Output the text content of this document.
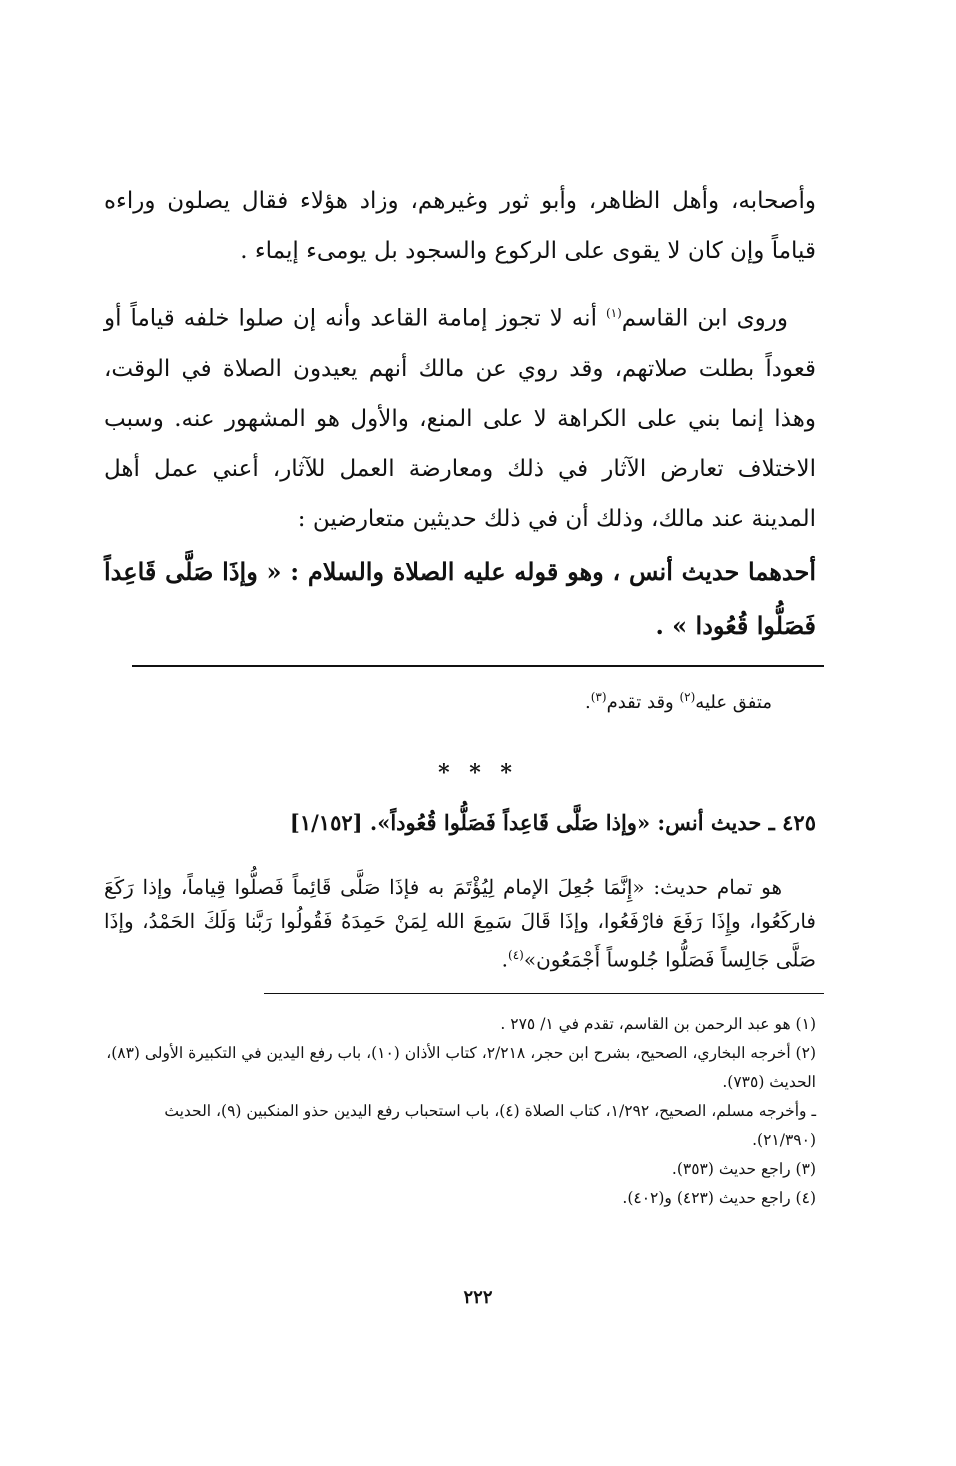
وأصحابه، وأهل الظاهر، وأبو ثور وغيرهم، وزاد هؤلاء فقال يصلون وراءه قياماً وإن كان لا يقوى على الركوع والسجود بل يومىء إيماء .
وروى ابن القاسم$^{(١)}$ أنه لا تجوز إمامة القاعد وأنه إن صلوا خلفه قياماً أو قعوداً بطلت صلاتهم، وقد روي عن مالك أنهم يعيدون الصلاة في الوقت، وهذا إنما بني على الكراهة لا على المنع، والأول هو المشهور عنه. وسبب الاختلاف تعارض الآثار في ذلك ومعارضة العمل للآثار، أعني عمل أهل المدينة عند مالك، وذلك أن في ذلك حديثين متعارضين :
أحدهما حديث أنس ، وهو قوله عليه الصلاة والسلام : « وإذَا صَلَّى قَاعِداً فَصَلُّوا قُعُودا » .
متفق عليه$^{(٢)}$ وقد تقدم$^{(٣)}$.
* * *
٤٢٥ ـ حديث أنس: «وإذا صَلَّى قَاعِداً فَصَلُّوا قُعُوداً». [١/١٥٢]
هو تمام حديث: «إِنَّمَا جُعِلَ الإمام لِيُؤْتَمَ به فإذَا صَلَّى قَائِماً فَصلُّوا قِياماً، وإذا رَكَعَ فاركَعُوا، وإِذَا رَفَعَ فارْفَعُوا، وإذَا قَالَ سَمِعَ الله لِمَنْ حَمِدَهُ فَقُولُوا رَبَّنا وَلَكَ الحَمْدُ، وإذَا صَلَّى جَالِساً فَصَلُّوا جُلوساً أَجْمَعُون»$^{(٤)}$.

(١) هو عبد الرحمن بن القاسم، تقدم في ١/ ٢٧٥ .

(٢) أخرجه البخاري، الصحيح، بشرح ابن حجر، ٢/٢١٨، كتاب الأذان (١٠)، باب رفع اليدين في التكبيرة الأولى (٨٣)، الحديث (٧٣٥).

ـ وأخرجه مسلم، الصحيح، ١/٢٩٢، كتاب الصلاة (٤)، باب استحباب رفع اليدين حذو المنكبين (٩)، الحديث (٢١/٣٩٠).

(٣) راجع حديث (٣٥٣).

(٤) راجع حديث (٤٢٣) و(٤٠٢).

٢٢٢
